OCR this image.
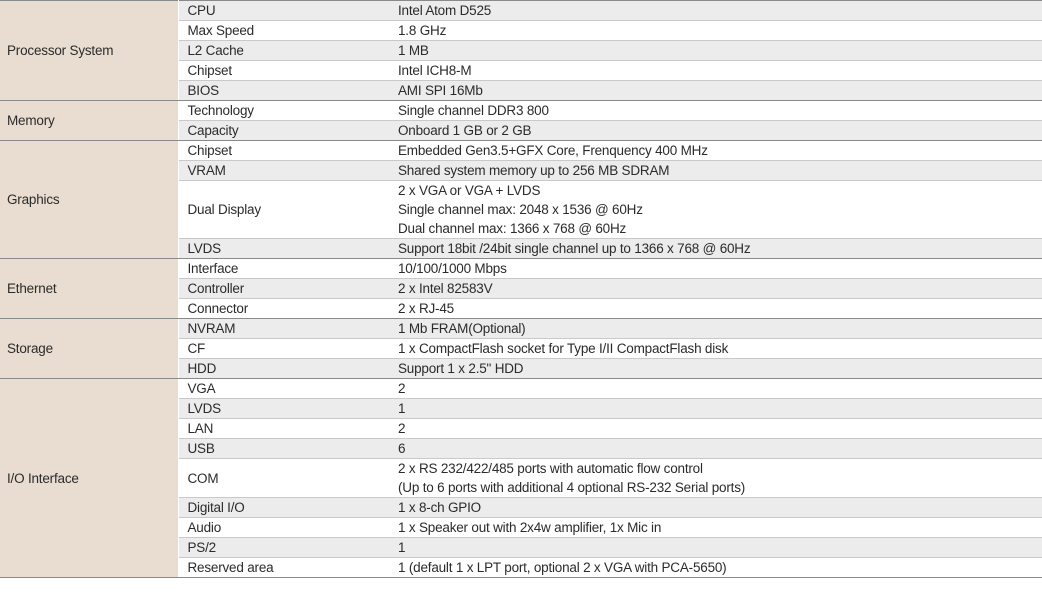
Processor System	CPU	Intel Atom D525

	Max Speed	1.8 GHz

	L2 Cache	1 MB

	Chipset	Intel ICH8-M

	BIOS	AMI SPI 16Mb

Memory	Technology	Single channel DDR3 800

	Capacity	Onboard 1 GB or 2 GB

Graphics	Chipset	Embedded Gen3.5+GFX Core, Frenquency 400 MHz

	VRAM	Shared system memory up to 256 MB SDRAM

	Dual Display	2 x VGA or VGA + LVDS
Single channel max: 2048 x 1536 @ 60Hz
Dual channel max: 1366 x 768 @ 60Hz

	LVDS	Support 18bit /24bit single channel up to 1366 x 768 @ 60Hz

Ethernet	Interface	10/100/1000 Mbps

	Controller	2 x Intel 82583V

	Connector	2 x RJ-45

Storage	NVRAM	1 Mb FRAM(Optional)

	CF	1 x CompactFlash socket for Type I/II CompactFlash disk

	HDD	Support 1 x 2.5" HDD

I/O Interface	VGA	2

	LVDS	1

	LAN	2

	USB	6

	COM	2 x RS 232/422/485 ports with automatic flow control
(Up to 6 ports with additional 4 optional RS-232 Serial ports)

	Digital I/O	1 x 8-ch GPIO

	Audio	1 x Speaker out with 2x4w amplifier, 1x Mic in

	PS/2	1

	Reserved area	1 (default 1 x LPT port, optional 2 x VGA with PCA-5650)
